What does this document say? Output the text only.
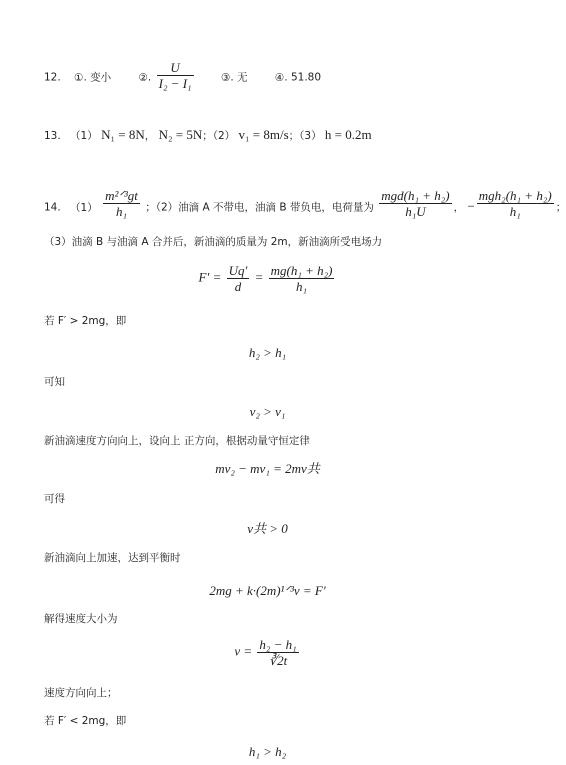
12. ①. 变小	②. $\frac{U}{\text{I₂ − I₁}}$	③. 无	④. 51.80
13. （1） N₁ = 8N， N₂ = 5N；（2） v₁ = 8m/s；（3） h = 0.2m
14. $(1) \frac{\text{m²ᐟ³gt}}{\text{h₁}}$ ；（2）油滴 A 不带电，油滴 B 带负电，电荷量为 $\frac{\text{mgd(h₁ + h₂)}}{\text{h₁U}}$ ， − $\frac{\text{mgh₂(h₁ + h₂)}}{\text{h₁}}$ ；
（3）油滴 B 与油滴 A 合并后，新油滴的质量为 2m，新油滴所受电场力
$F' = \frac{Uq'}{d} = \frac{\text{mg(h₁ + h₂)}}{\text{h₁}}$
若 F′ > 2mg，即
h₂ > h₁
可知
v₂ > v₁
新油滴速度方向向上，设向上 正方向，根据动量守恒定律
mv₂ − mv₁ = 2mv共
可得
v共 > 0
新油滴向上加速，达到平衡时
2mg + k·(2m)¹ᐟ³v = F′
解得速度大小为
$v = \frac{\text{h₂ − h₁}}{∛2t}$
速度方向向上；
若 F′ < 2mg，即
h₁ > h₂
